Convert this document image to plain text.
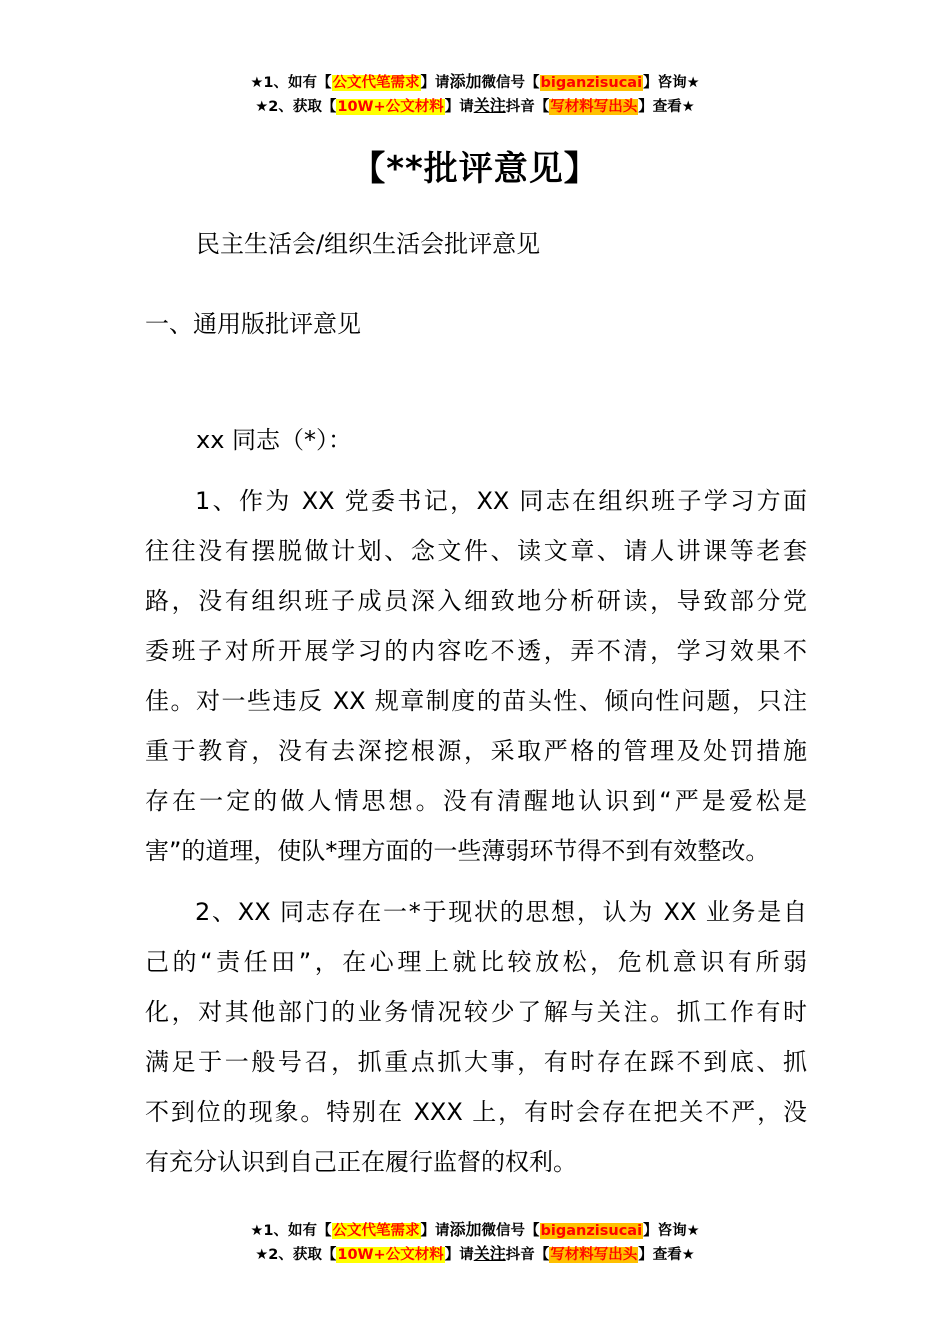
★1、如有【公文代笔需求】请添加微信号【biganzisucai】咨询★
★2、获取【10W+公文材料】请关注抖音【写材料写出头】查看★
【**批评意见】
民主生活会/组织生活会批评意见
一、通用版批评意见
xx 同志（*）：
1、作为 XX 党委书记，XX 同志在组织班子学习方面
往往没有摆脱做计划、念文件、读文章、请人讲课等老套
路，没有组织班子成员深入细致地分析研读，导致部分党
委班子对所开展学习的内容吃不透，弄不清，学习效果不
佳。对一些违反 XX 规章制度的苗头性、倾向性问题，只注
重于教育，没有去深挖根源，采取严格的管理及处罚措施
存在一定的做人情思想。没有清醒地认识到“严是爱松是
害”的道理，使队*理方面的一些薄弱环节得不到有效整改。
2、XX 同志存在一*于现状的思想，认为 XX 业务是自
己的“责任田”，在心理上就比较放松，危机意识有所弱
化，对其他部门的业务情况较少了解与关注。抓工作有时
满足于一般号召，抓重点抓大事，有时存在踩不到底、抓
不到位的现象。特别在 XXX 上，有时会存在把关不严，没
有充分认识到自己正在履行监督的权利。
★1、如有【公文代笔需求】请添加微信号【biganzisucai】咨询★
★2、获取【10W+公文材料】请关注抖音【写材料写出头】查看★
